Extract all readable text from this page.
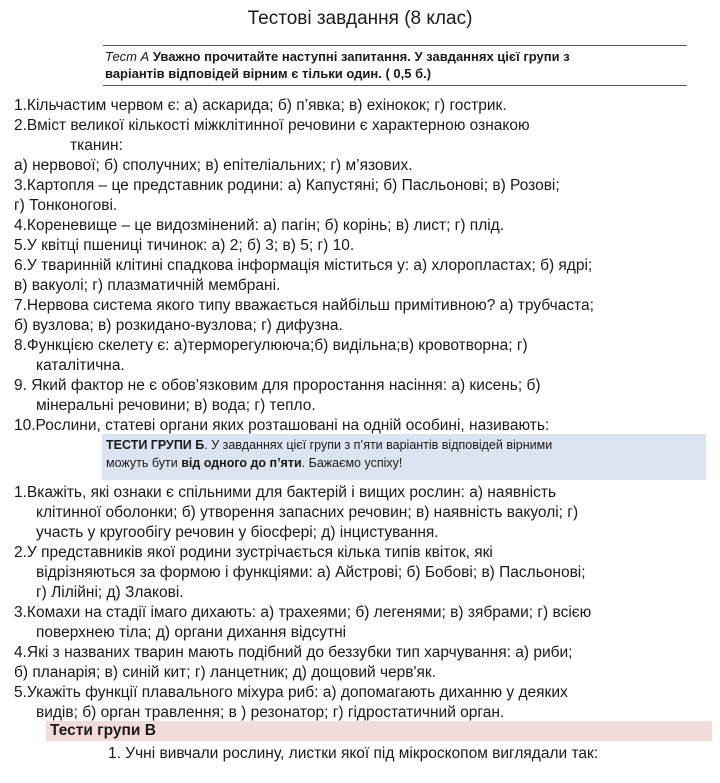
Тестові завдання (8 клас)
Тест А Уважно прочитайте наступні запитання. У завданнях цієї групи з
варіантів відповідей вірним є тільки один. ( 0,5 б.)
1.Кільчастим червом є: а) аскарида; б) п’явка; в) ехінокок; г) гострик.
2.Вміст великої кількості міжклітинної речовини є характерною ознакою
тканин:
а) нервової; б) сполучних; в) епітеліальних; г) м’язових.
3.Картопля – це представник родини: а) Капустяні; б) Пасльонові; в) Розові;
г) Тонконогові.
4.Кореневище – це видозмінений: а) пагін; б) корінь; в) лист; г) плід.
5.У квітці пшениці тичинок: а) 2; б) 3; в) 5; г) 10.
6.У тваринній клітині спадкова інформація міститься у: а) хлоропластах; б) ядрі;
в) вакуолі; г) плазматичній мембрані.
7.Нервова система якого типу вважається найбільш примітивною? а) трубчаста;
б) вузлова; в) розкидано-вузлова; г) дифузна.
8.Функцією скелету є: а)терморегулююча;б) видільна;в) кровотворна; г)
каталітична.
9. Який фактор не є обов’язковим для проростання насіння: а) кисень; б)
мінеральні речовини; в) вода; г) тепло.
10.Рослини, статеві органи яких розташовані на одній особині, називають:
ТЕСТИ ГРУПИ Б. У завданнях цієї групи з п’яти варіантів відповідей вірними
можуть бути від одного до п’яти. Бажаємо успіху!
1.Вкажіть, які ознаки є спільними для бактерій і вищих рослин: а) наявність
клітинної оболонки; б) утворення запасних речовин; в) наявність вакуолі; г)
участь у кругообігу речовин у біосфері; д) інцистування.
2.У представників якої родини зустрічається кілька типів квіток, які
відрізняються за формою і функціями: а) Айстрові; б) Бобові; в) Пасльонові;
г) Лілійні; д) Злакові.
3.Комахи на стадії імаго дихають: а) трахеями; б) легенями; в) зябрами; г) всією
поверхнею тіла; д) органи дихання відсутні
4.Які з названих тварин мають подібний до беззубки тип харчування: а) риби;
б) планарія; в) синій кит; г) ланцетник; д) дощовий черв'як.
5.Укажіть функції плавального міхура риб: а) допомагають диханню у деяких
видів; б) орган травлення; в ) резонатор; г) гідростатичний орган.
Тести групи В
1. Учні вивчали рослину, листки якої під мікроскопом виглядали так:
